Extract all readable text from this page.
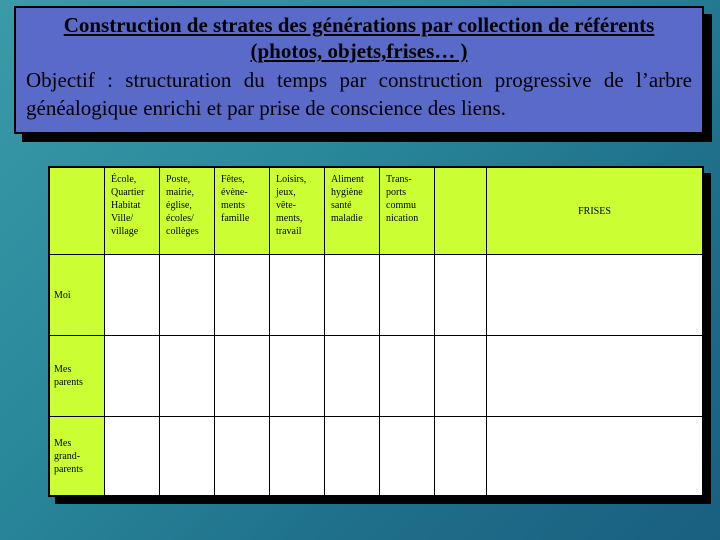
Construction de strates des générations par collection de référents

(photos, objets,frises… )

Objectif : structuration du temps par construction progressive de l’arbre généalogique enrichi et par prise de conscience des liens.

École,
Quartier
Habitat
Ville/
village
Poste,
mairie,
église,
écoles/
collèges
Fêtes,
évène-
ments
famille
Loisirs,
jeux,
vête-
ments,
travail
Aliment
hygiène
santé
maladie
Trans-
ports
commu
nication
FRISES
Moi
Mes
parents
Mes
grand-
parents
